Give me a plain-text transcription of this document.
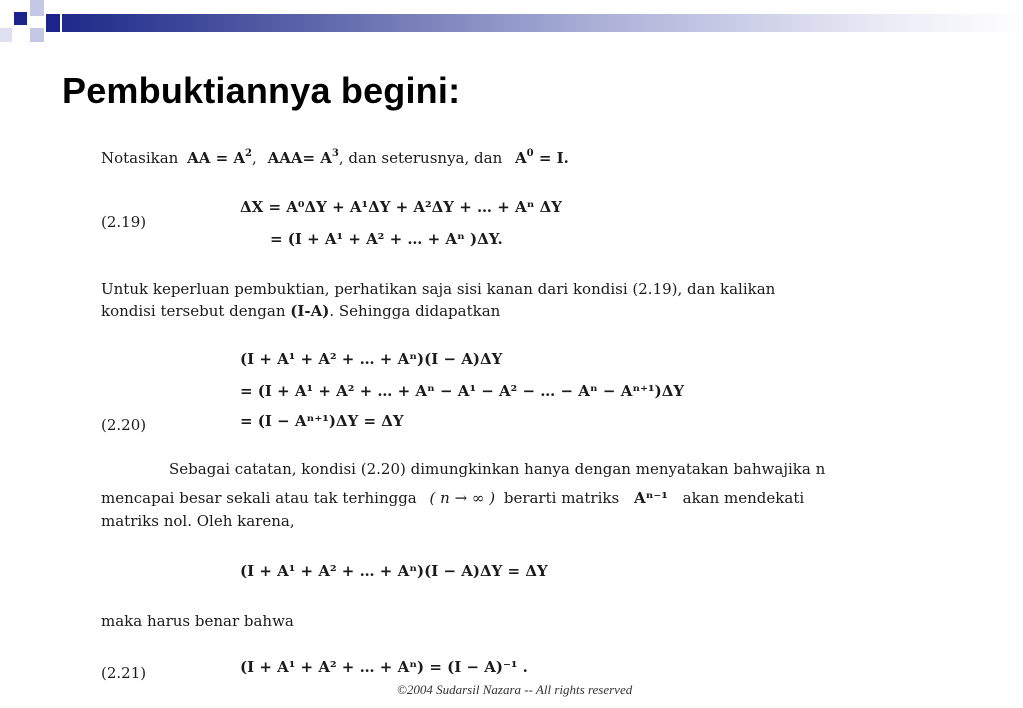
Pembuktiannya begini:
Notasikan AA = $A^2$, $AAA= A^3$, dan seterusnya, dan $A^0 = I$.
(2.19)
ΔX = A⁰ΔY + A¹ΔY + A²ΔY + … + Aⁿ ΔY
= (I + A¹ + A² + … + Aⁿ )ΔY.
Untuk keperluan pembuktian, perhatikan saja sisi kanan dari kondisi (2.19), dan kalikan
kondisi tersebut dengan (I-A). Sehingga didapatkan
(I + A¹ + A² + … + Aⁿ)(I − A)ΔY
= (I + A¹ + A² + … + Aⁿ − A¹ − A² − … − Aⁿ − Aⁿ⁺¹)ΔY
(2.20)	= (I − Aⁿ⁺¹)ΔY = ΔY
Sebagai catatan, kondisi (2.20) dimungkinkan hanya dengan menyatakan bahwajika n
mencapai besar sekali atau tak terhingga ( n → ∞ ) berarti matriks Aⁿ⁻¹ akan mendekati
matriks nol. Oleh karena,
(I + A¹ + A² + … + Aⁿ)(I − A)ΔY = ΔY
maka harus benar bahwa
(2.21)	(I + A¹ + A² + … + Aⁿ) = (I − A)⁻¹ .
©2004 Sudarsil Nazara -- All rights reserved
